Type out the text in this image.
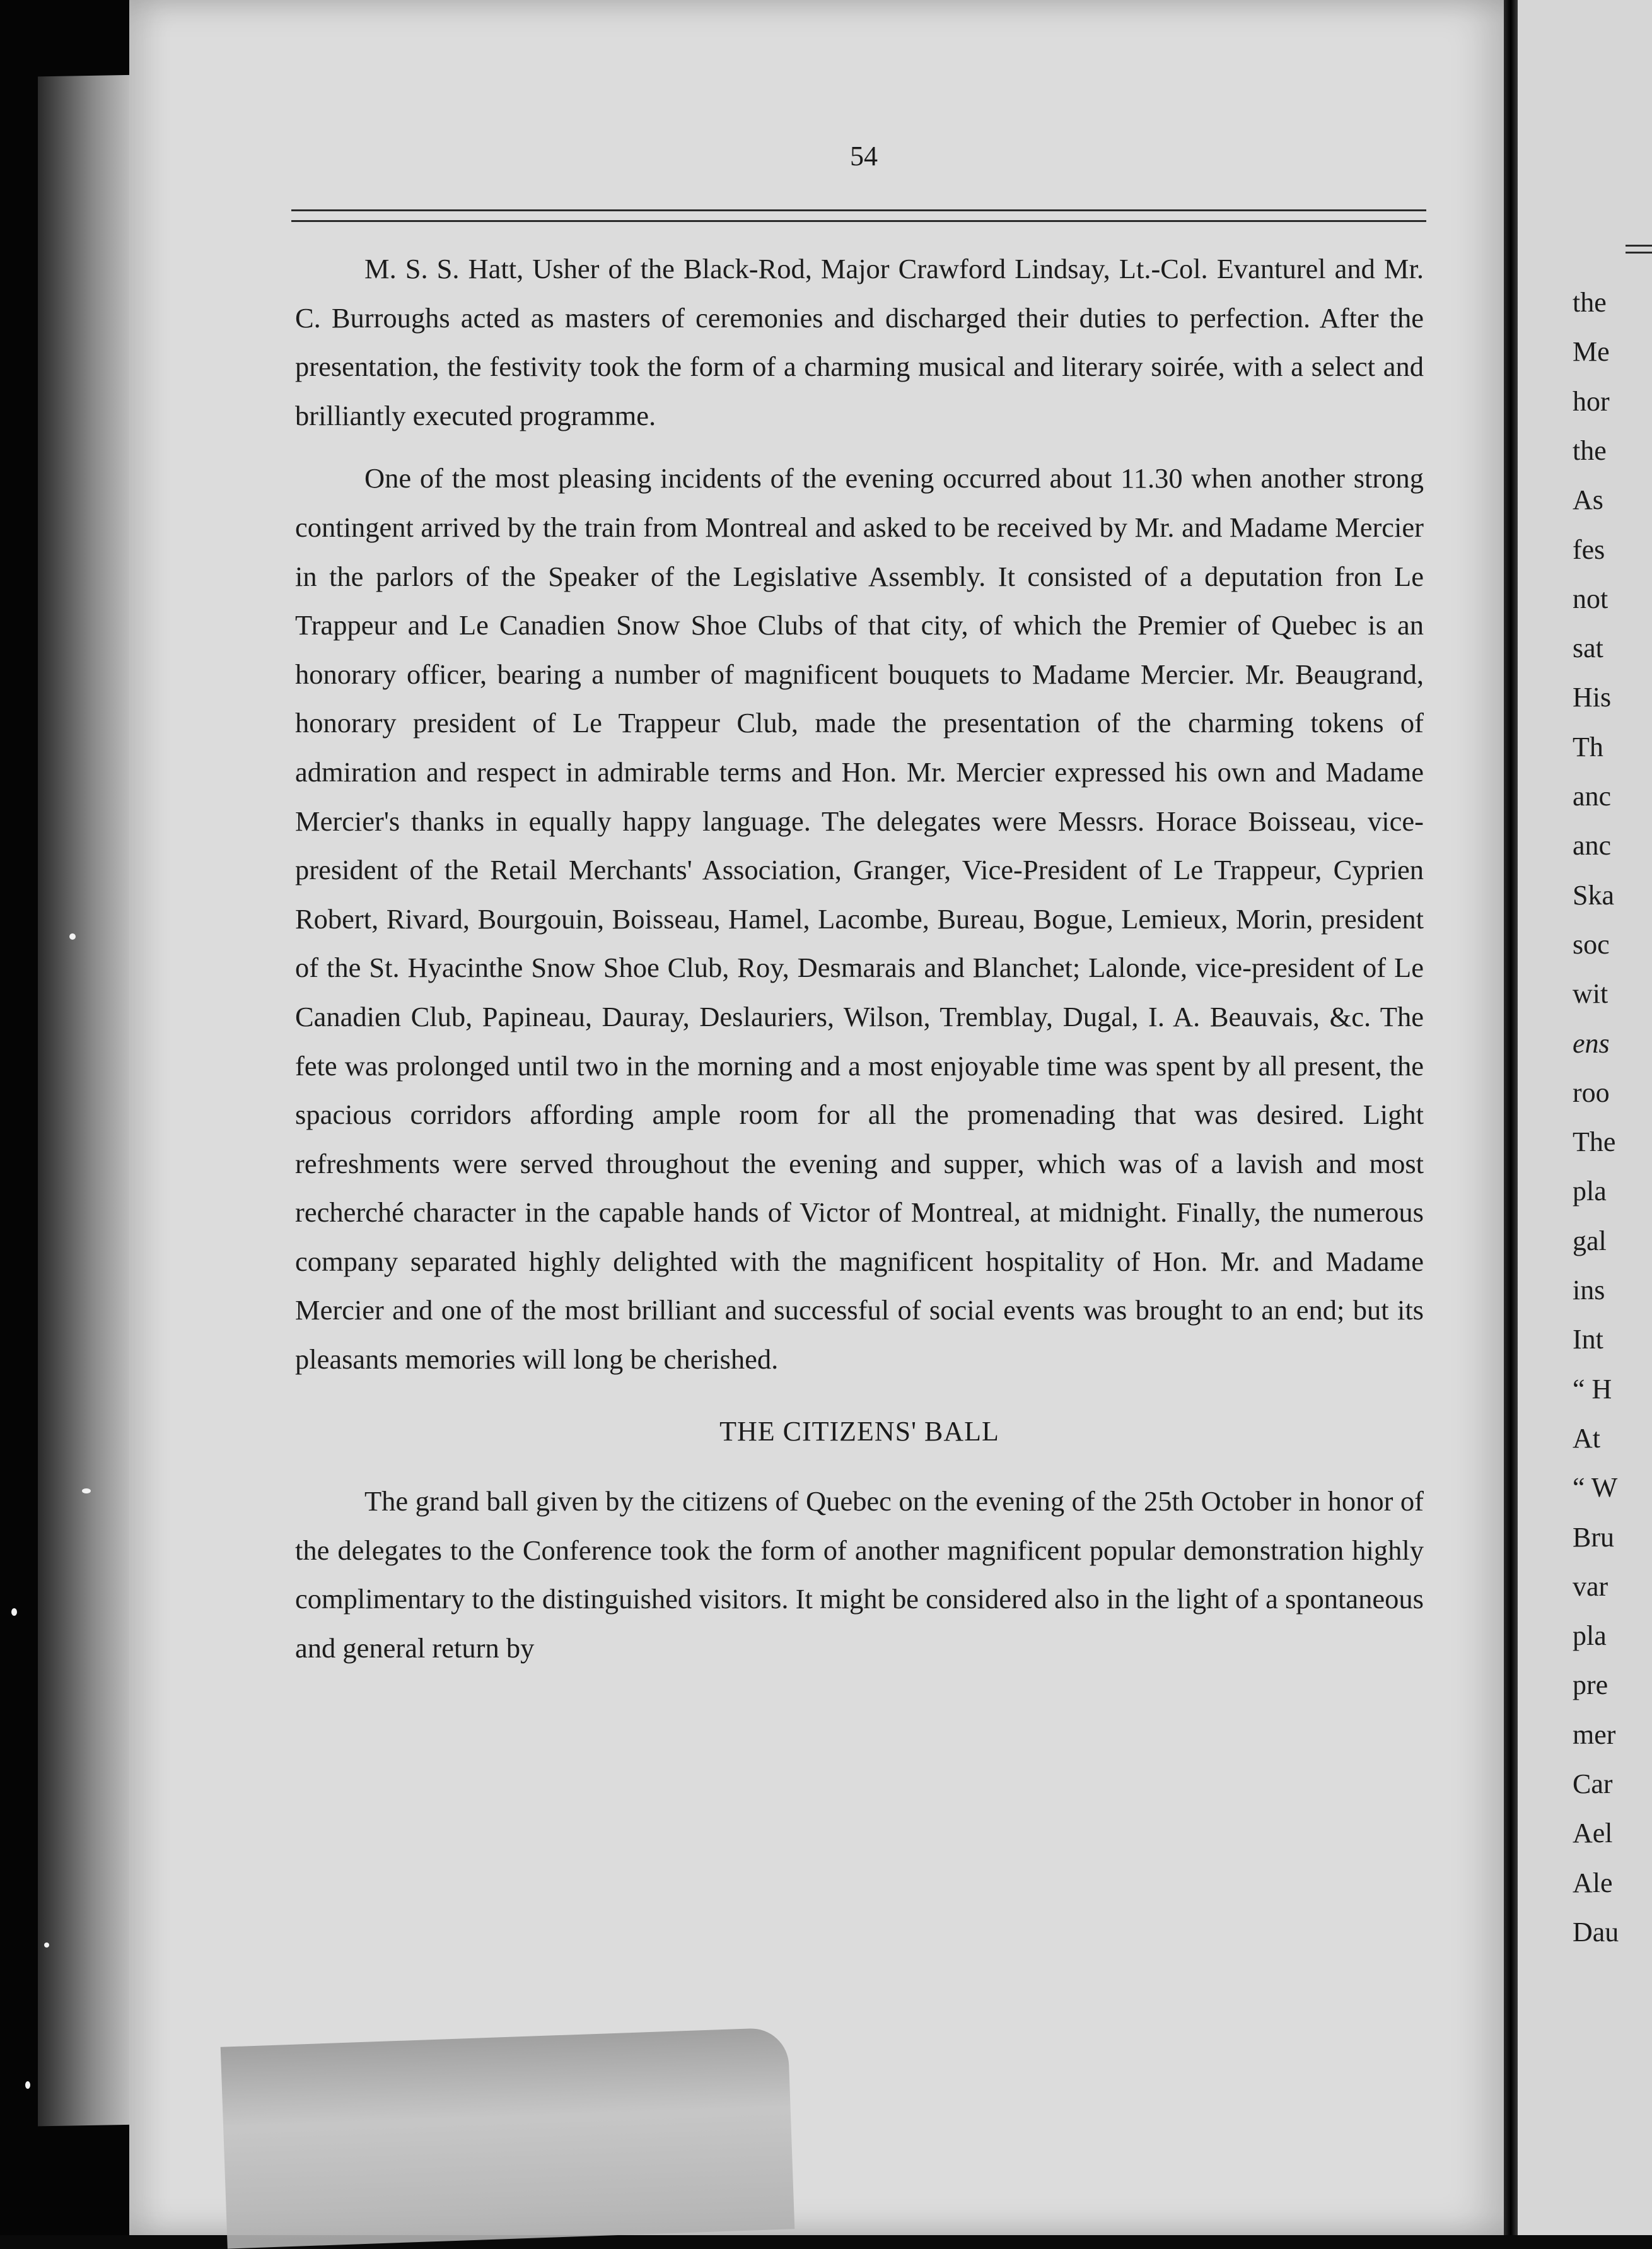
54

M. S. S. Hatt, Usher of the Black-Rod, Major Crawford Lindsay, Lt.-Col. Evanturel and Mr. C. Burroughs acted as masters of ceremonies and discharged their duties to perfection. After the presentation, the festivity took the form of a charming musical and literary soirée, with a select and brilliantly executed programme.

One of the most pleasing incidents of the evening occurred about 11.30 when another strong contingent arrived by the train from Montreal and asked to be received by Mr. and Madame Mercier in the parlors of the Speaker of the Legislative Assembly. It consisted of a deputation fron Le Trappeur and Le Canadien Snow Shoe Clubs of that city, of which the Premier of Quebec is an honorary officer, bearing a number of magnificent bouquets to Madame Mercier. Mr. Beaugrand, honorary president of Le Trappeur Club, made the presentation of the charming tokens of admiration and respect in admirable terms and Hon. Mr. Mercier expressed his own and Madame Mercier's thanks in equally happy language. The delegates were Messrs. Horace Boisseau, vice-president of the Retail Merchants' Association, Granger, Vice-President of Le Trappeur, Cyprien Robert, Rivard, Bourgouin, Boisseau, Hamel, Lacombe, Bureau, Bogue, Lemieux, Morin, president of the St. Hyacinthe Snow Shoe Club, Roy, Desmarais and Blanchet; Lalonde, vice-president of Le Canadien Club, Papineau, Dauray, Deslauriers, Wilson, Tremblay, Dugal, I. A. Beauvais, &c. The fete was prolonged until two in the morning and a most enjoyable time was spent by all present, the spacious corridors affording ample room for all the promenading that was desired. Light refreshments were served throughout the evening and supper, which was of a lavish and most recherché character in the capable hands of Victor of Montreal, at midnight. Finally, the numerous company separated highly delighted with the magnificent hospitality of Hon. Mr. and Madame Mercier and one of the most brilliant and successful of social events was brought to an end; but its pleasants memories will long be cherished.

THE CITIZENS' BALL

The grand ball given by the citizens of Quebec on the evening of the 25th October in honor of the delegates to the Conference took the form of another magnificent popular demonstration highly complimentary to the distinguished visitors. It might be considered also in the light of a spontaneous and general return by

the
Me
hor
the
As
fes
not
sat
His
Th
anc
anc
Ska
soc
wit
ens
roo
The
pla
gal
ins
Int
“ H
At
“ W
Bru
var
pla
pre
mer
Car
Ael
Ale
Dau
